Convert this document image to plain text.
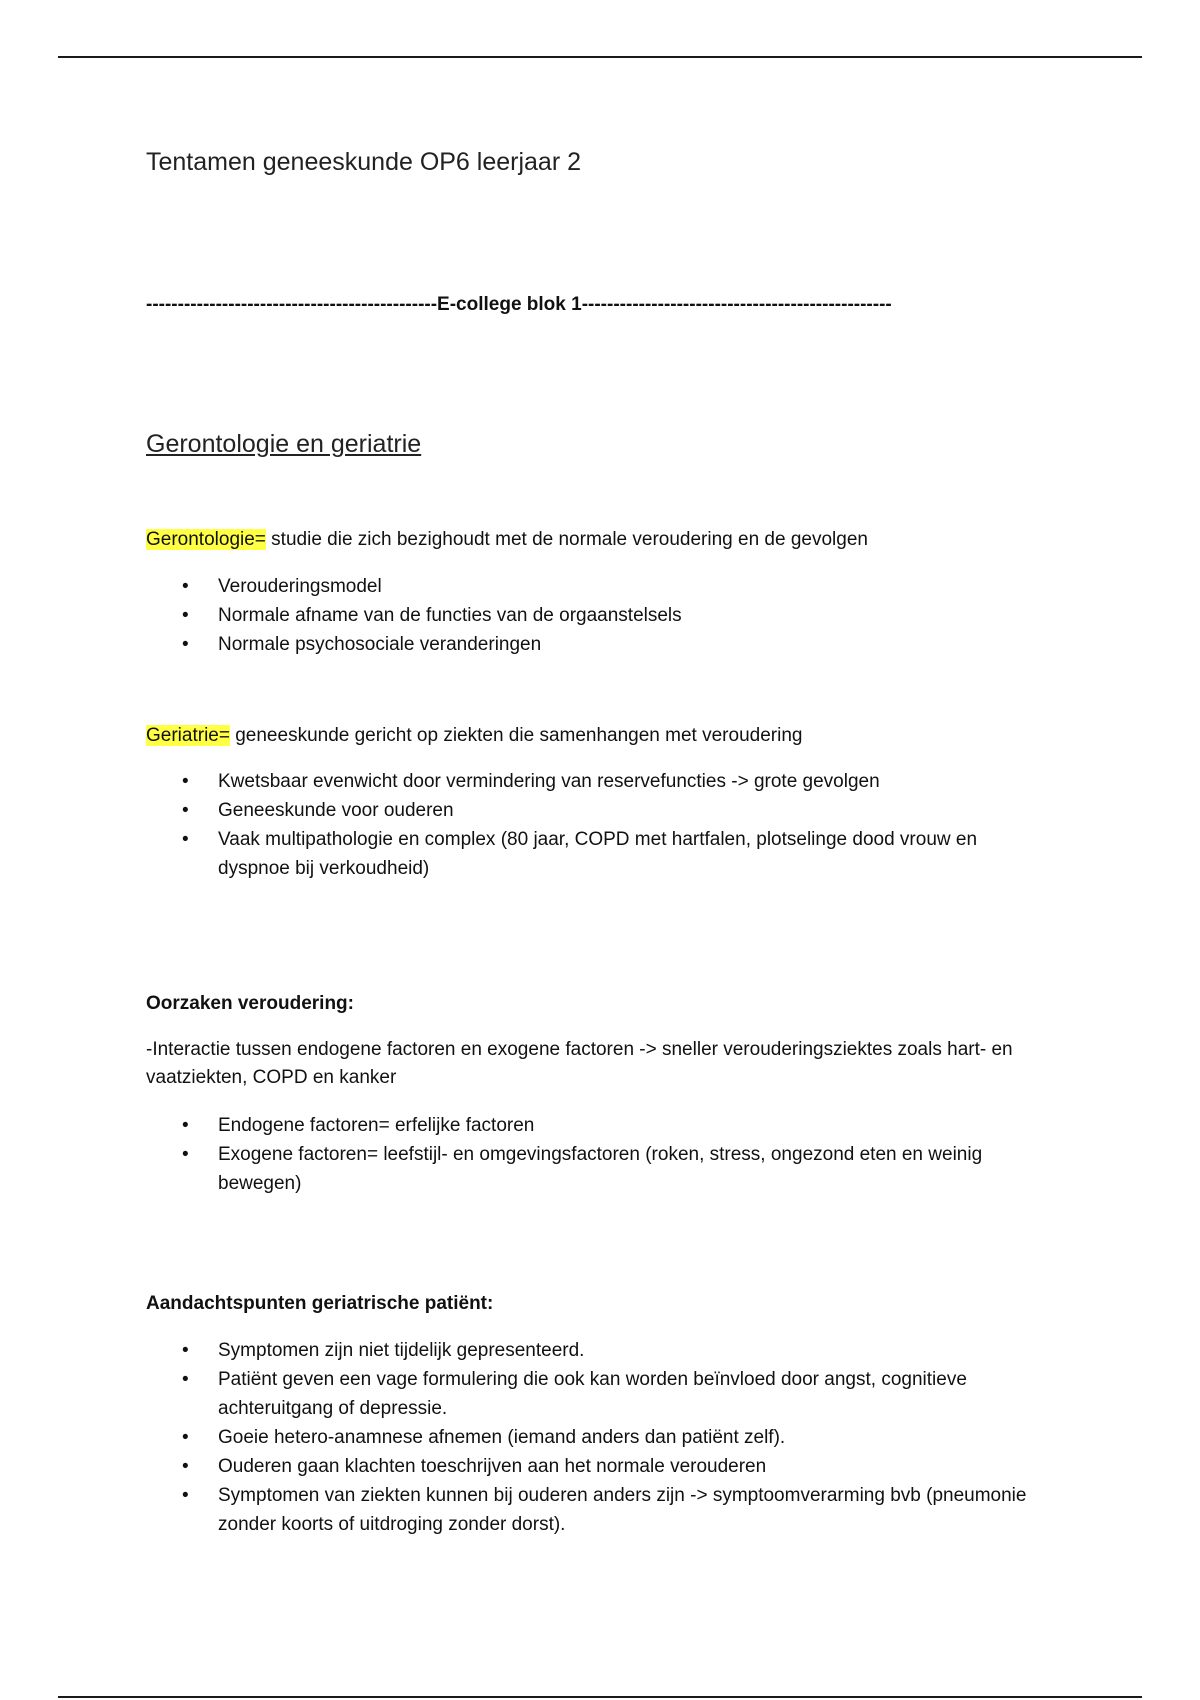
Tentamen geneeskunde OP6 leerjaar 2
----------------------------------------------E-college blok 1-------------------------------------------------
Gerontologie en geriatrie
Gerontologie= studie die zich bezighoudt met de normale veroudering en de gevolgen
• Verouderingsmodel
• Normale afname van de functies van de orgaanstelsels
• Normale psychosociale veranderingen
Geriatrie= geneeskunde gericht op ziekten die samenhangen met veroudering
• Kwetsbaar evenwicht door vermindering van reservefuncties -> grote gevolgen
• Geneeskunde voor ouderen
• Vaak multipathologie en complex (80 jaar, COPD met hartfalen, plotselinge dood vrouw en dyspnoe bij verkoudheid)
Oorzaken veroudering:
-Interactie tussen endogene factoren en exogene factoren -> sneller verouderingsziektes zoals hart- en vaatziekten, COPD en kanker
• Endogene factoren= erfelijke factoren
• Exogene factoren= leefstijl- en omgevingsfactoren (roken, stress, ongezond eten en weinig bewegen)
Aandachtspunten geriatrische patiënt:
• Symptomen zijn niet tijdelijk gepresenteerd.
• Patiënt geven een vage formulering die ook kan worden beïnvloed door angst, cognitieve achteruitgang of depressie.
• Goeie hetero-anamnese afnemen (iemand anders dan patiënt zelf).
• Ouderen gaan klachten toeschrijven aan het normale verouderen
• Symptomen van ziekten kunnen bij ouderen anders zijn -> symptoomverarming bvb (pneumonie zonder koorts of uitdroging zonder dorst).
